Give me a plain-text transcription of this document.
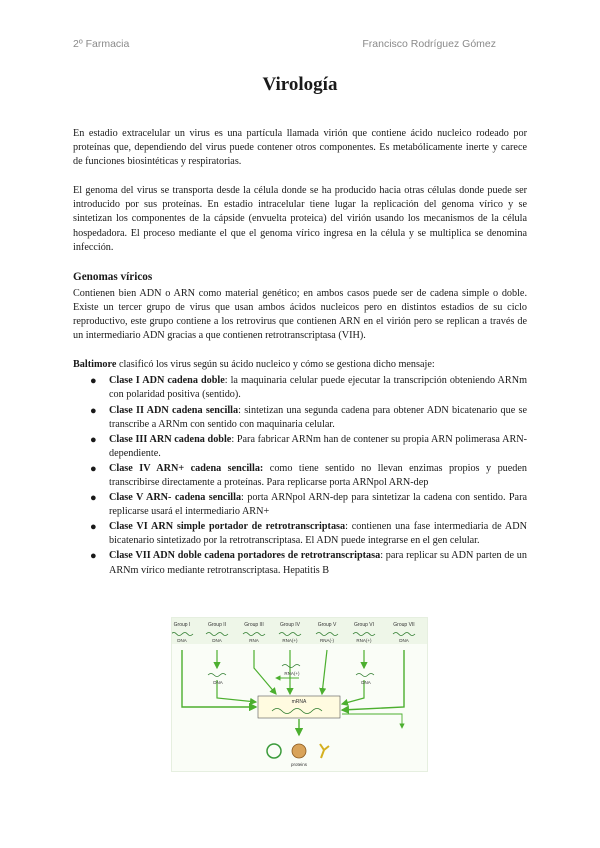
2º Farmacia	Francisco Rodríguez Gómez
Virología

En estadio extracelular un virus es una partícula llamada virión que contiene ácido nucleico rodeado por proteínas que, dependiendo del virus puede contener otros componentes. Es metabólicamente inerte y carece de funciones biosintéticas y respiratorias.

El genoma del virus se transporta desde la célula donde se ha producido hacia otras células donde puede ser introducido por sus proteínas. En estadio intracelular tiene lugar la replicación del genoma vírico y se sintetizan los componentes de la cápside (envuelta proteica) del virión usando los mecanismos de la célula hospedadora. El proceso mediante el que el genoma vírico ingresa en la célula y se multiplica se denomina infección.

Genomas víricos

Contienen bien ADN o ARN como material genético; en ambos casos puede ser de cadena simple o doble. Existe un tercer grupo de virus que usan ambos ácidos nucleicos pero en distintos estadios de su ciclo reproductivo, este grupo contiene a los retrovirus que contienen ARN en el virión pero se replican a través de un intermediario ADN gracias a que contienen retrotranscriptasa (VIH).

Baltimore clasificó los virus según su ácido nucleico y cómo se gestiona dicho mensaje:

● Clase I ADN cadena doble: la maquinaria celular puede ejecutar la transcripción obteniendo ARNm con polaridad positiva (sentido).
● Clase II ADN cadena sencilla: sintetizan una segunda cadena para obtener ADN bicatenario que se transcribe a ARNm con sentido con maquinaria celular.
● Clase III ARN cadena doble: Para fabricar ARNm han de contener su propia ARN polimerasa ARN-dependiente.
● Clase IV ARN+ cadena sencilla: como tiene sentido no llevan enzimas propios y pueden transcribirse directamente a proteínas. Para replicarse porta ARNpol ARN-dep
● Clase V ARN- cadena sencilla: porta ARNpol ARN-dep para sintetizar la cadena con sentido. Para replicarse usará el intermediario ARN+
● Clase VI ARN simple portador de retrotranscriptasa: contienen una fase intermediaria de ADN bicatenario sintetizado por la retrotranscriptasa. El ADN puede integrarse en el gen celular.
● Clase VII ADN doble cadena portadores de retrotranscriptasa: para replicar su ADN parten de un ARNm vírico mediante retrotranscriptasa. Hepatitis B
Group I
DNA
Group II
DNA
Group III
RNA
Group IV
RNA(+)
Group V
RNA(-)
Group VI
RNA(+)
Group VII
DNA
mRNA
DNA
RNA(+)
DNA
proteins
